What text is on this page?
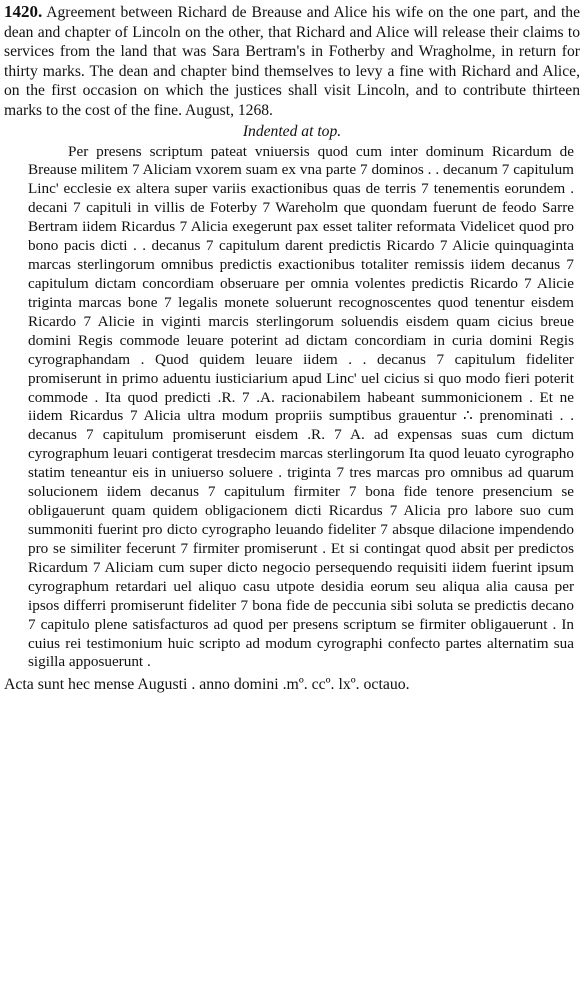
1420. Agreement between Richard de Breause and Alice his wife on the one part, and the dean and chapter of Lincoln on the other, that Richard and Alice will release their claims to services from the land that was Sara Bertram's in Fotherby and Wragholme, in return for thirty marks. The dean and chapter bind themselves to levy a fine with Richard and Alice, on the first occasion on which the justices shall visit Lincoln, and to contribute thirteen marks to the cost of the fine. August, 1268.

Indented at top.

Per presens scriptum pateat vniuersis quod cum inter dominum Ricardum de Breause militem 7 Aliciam vxorem suam ex vna parte 7 dominos . . decanum 7 capitulum Linc' ecclesie ex altera super variis exactionibus quas de terris 7 tenementis eorundem . decani 7 capituli in villis de Foterby 7 Wareholm que quondam fuerunt de feodo Sarre Bertram iidem Ricardus 7 Alicia exegerunt pax esset taliter reformata Videlicet quod pro bono pacis dicti . . decanus 7 capitulum darent predictis Ricardo 7 Alicie quinquaginta marcas sterlingorum omnibus predictis exactionibus totaliter remissis iidem decanus 7 capitulum dictam concordiam obseruare per omnia volentes predictis Ricardo 7 Alicie triginta marcas bone 7 legalis monete soluerunt recognoscentes quod tenentur eisdem Ricardo 7 Alicie in viginti marcis sterlingorum soluendis eisdem quam cicius breue domini Regis commode leuare poterint ad dictam concordiam in curia domini Regis cyrographandam . Quod quidem leuare iidem . . decanus 7 capitulum fideliter promiserunt in primo aduentu iusticiarium apud Linc' uel cicius si quo modo fieri poterit commode . Ita quod predicti .R. 7 .A. racionabilem habeant summonicionem . Et ne iidem Ricardus 7 Alicia ultra modum propriis sumptibus grauentur ∴ prenominati . . decanus 7 capitulum promiserunt eisdem .R. 7 A. ad expensas suas cum dictum cyrographum leuari contigerat tresdecim marcas sterlingorum Ita quod leuato cyrographo statim teneantur eis in uniuerso soluere . triginta 7 tres marcas pro omnibus ad quarum solucionem iidem decanus 7 capitulum firmiter 7 bona fide tenore presencium se obligauerunt quam quidem obligacionem dicti Ricardus 7 Alicia pro labore suo cum summoniti fuerint pro dicto cyrographo leuando fideliter 7 absque dilacione impendendo pro se similiter fecerunt 7 firmiter promiserunt . Et si contingat quod absit per predictos Ricardum 7 Aliciam cum super dicto negocio persequendo requisiti iidem fuerint ipsum cyrographum retardari uel aliquo casu utpote desidia eorum seu aliqua alia causa per ipsos differri promiserunt fideliter 7 bona fide de peccunia sibi soluta se predictis decano 7 capitulo plene satisfacturos ad quod per presens scriptum se firmiter obligauerunt . In cuius rei testimonium huic scripto ad modum cyrographi confecto partes alternatim sua sigilla apposuerunt .

Acta sunt hec mense Augusti . anno domini .mº. ccº. lxº. octauo.
